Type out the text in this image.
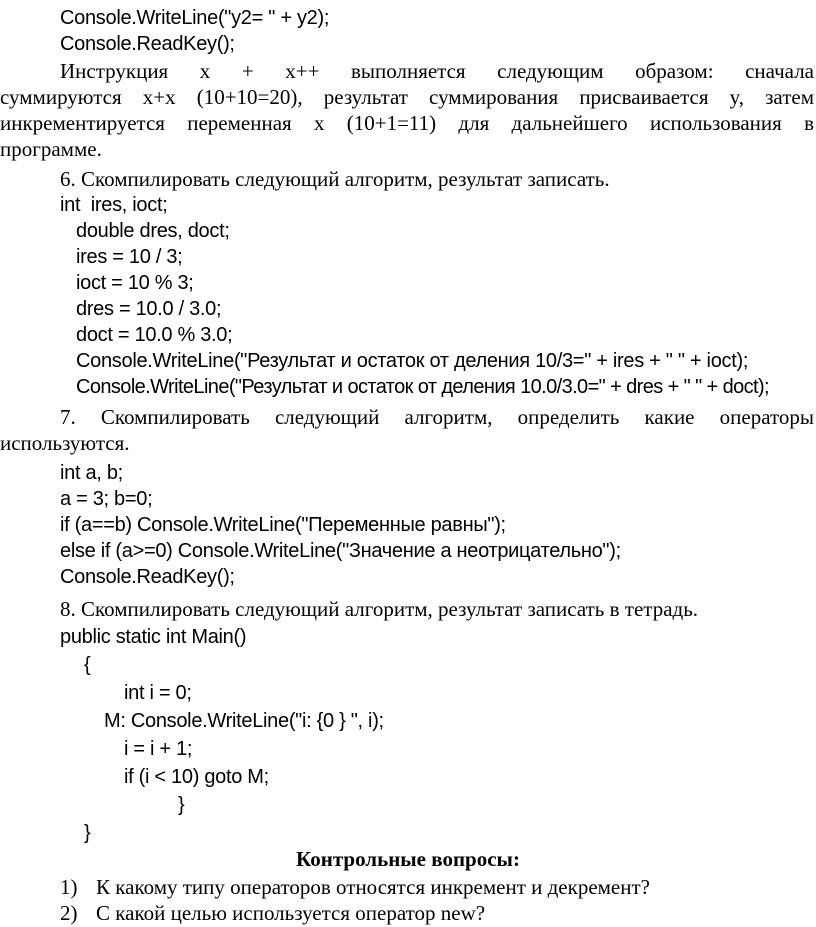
Console.WriteLine("y2= " + y2);
Console.ReadKey();
Инструкция x + x++ выполняется следующим образом: сначала
суммируются x+x (10+10=20), результат суммирования присваивается y, затем
инкрементируется переменная x (10+1=11) для дальнейшего использования в
программе.
6. Скомпилировать следующий алгоритм, результат записать.
int  ires, ioct;
double dres, doct;
ires = 10 / 3;
ioct = 10 % 3;
dres = 10.0 / 3.0;
doct = 10.0 % 3.0;
Console.WriteLine("Результат и остаток от деления 10/3=" + ires + " " + ioct);
Console.WriteLine("Результат и остаток от деления 10.0/3.0=" + dres + " " + doct);
7. Скомпилировать следующий алгоритм, определить какие операторы
используются.
int a, b;
a = 3; b=0;
if (a==b) Console.WriteLine("Переменные равны");
else if (a>=0) Console.WriteLine("Значение a неотрицательно");
Console.ReadKey();
8. Скомпилировать следующий алгоритм, результат записать в тетрадь.
public static int Main()
{
int i = 0;
M: Console.WriteLine("i: {0 } ", i);
i = i + 1;
if (i < 10) goto M;
}
}
Контрольные вопросы:
1) К какому типу операторов относятся инкремент и декремент?
2) С какой целью используется оператор new?
